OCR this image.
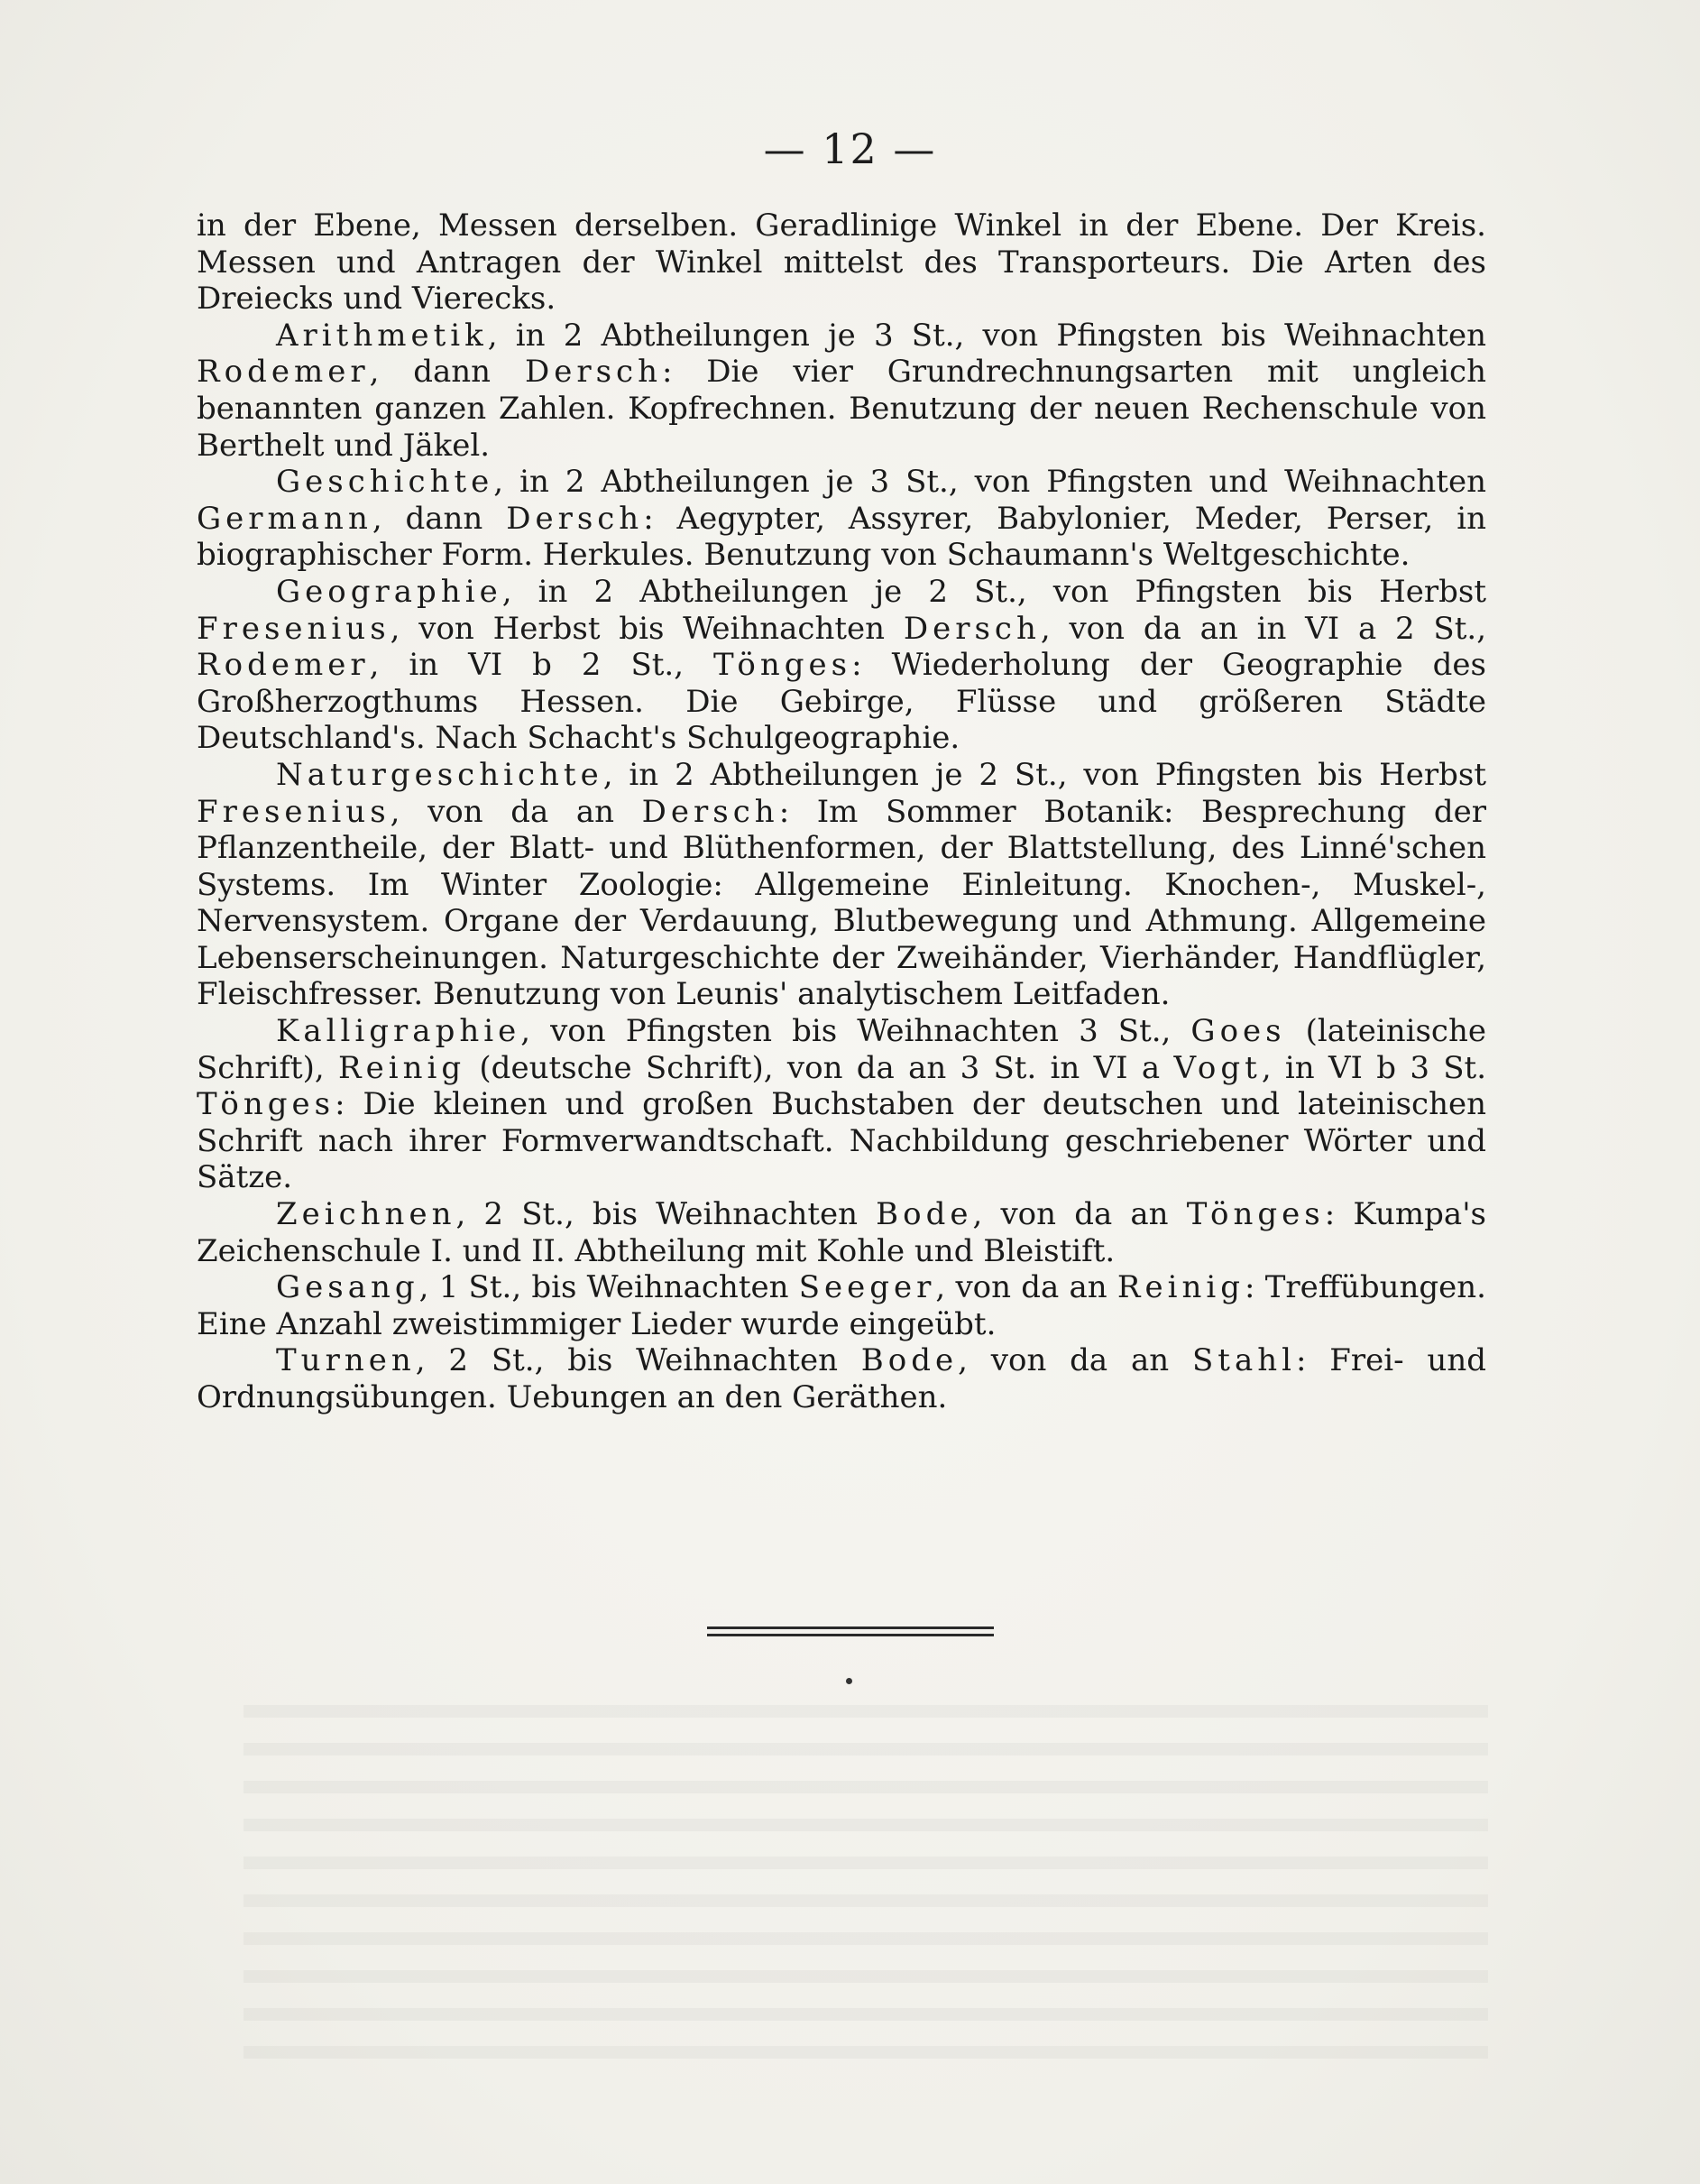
— 12 —

in der Ebene, Messen derselben. Geradlinige Winkel in der Ebene. Der Kreis. Messen und Antragen der Winkel mittelst des Transporteurs. Die Arten des Dreiecks und Vierecks.

Arithmetik, in 2 Abtheilungen je 3 St., von Pfingsten bis Weihnachten Rodemer, dann Dersch: Die vier Grundrechnungsarten mit ungleich benannten ganzen Zahlen. Kopfrechnen. Benutzung der neuen Rechenschule von Berthelt und Jäkel.

Geschichte, in 2 Abtheilungen je 3 St., von Pfingsten und Weihnachten Germann, dann Dersch: Aegypter, Assyrer, Babylonier, Meder, Perser, in biographischer Form. Herkules. Benutzung von Schaumann's Weltgeschichte.

Geographie, in 2 Abtheilungen je 2 St., von Pfingsten bis Herbst Fresenius, von Herbst bis Weihnachten Dersch, von da an in VI a 2 St., Rodemer, in VI b 2 St., Tönges: Wiederholung der Geographie des Großherzogthums Hessen. Die Gebirge, Flüsse und größeren Städte Deutschland's. Nach Schacht's Schulgeographie.

Naturgeschichte, in 2 Abtheilungen je 2 St., von Pfingsten bis Herbst Fresenius, von da an Dersch: Im Sommer Botanik: Besprechung der Pflanzentheile, der Blatt- und Blüthenformen, der Blattstellung, des Linné'schen Systems. Im Winter Zoologie: Allgemeine Einleitung. Knochen-, Muskel-, Nervensystem. Organe der Verdauung, Blutbewegung und Athmung. Allgemeine Lebenserscheinungen. Naturgeschichte der Zweihänder, Vierhänder, Handflügler, Fleischfresser. Benutzung von Leunis' analytischem Leitfaden.

Kalligraphie, von Pfingsten bis Weihnachten 3 St., Goes (lateinische Schrift), Reinig (deutsche Schrift), von da an 3 St. in VI a Vogt, in VI b 3 St. Tönges: Die kleinen und großen Buchstaben der deutschen und lateinischen Schrift nach ihrer Formverwandtschaft. Nachbildung geschriebener Wörter und Sätze.

Zeichnen, 2 St., bis Weihnachten Bode, von da an Tönges: Kumpa's Zeichenschule I. und II. Abtheilung mit Kohle und Bleistift.

Gesang, 1 St., bis Weihnachten Seeger, von da an Reinig: Treffübungen. Eine Anzahl zweistimmiger Lieder wurde eingeübt.

Turnen, 2 St., bis Weihnachten Bode, von da an Stahl: Frei- und Ordnungsübungen. Uebungen an den Geräthen.
